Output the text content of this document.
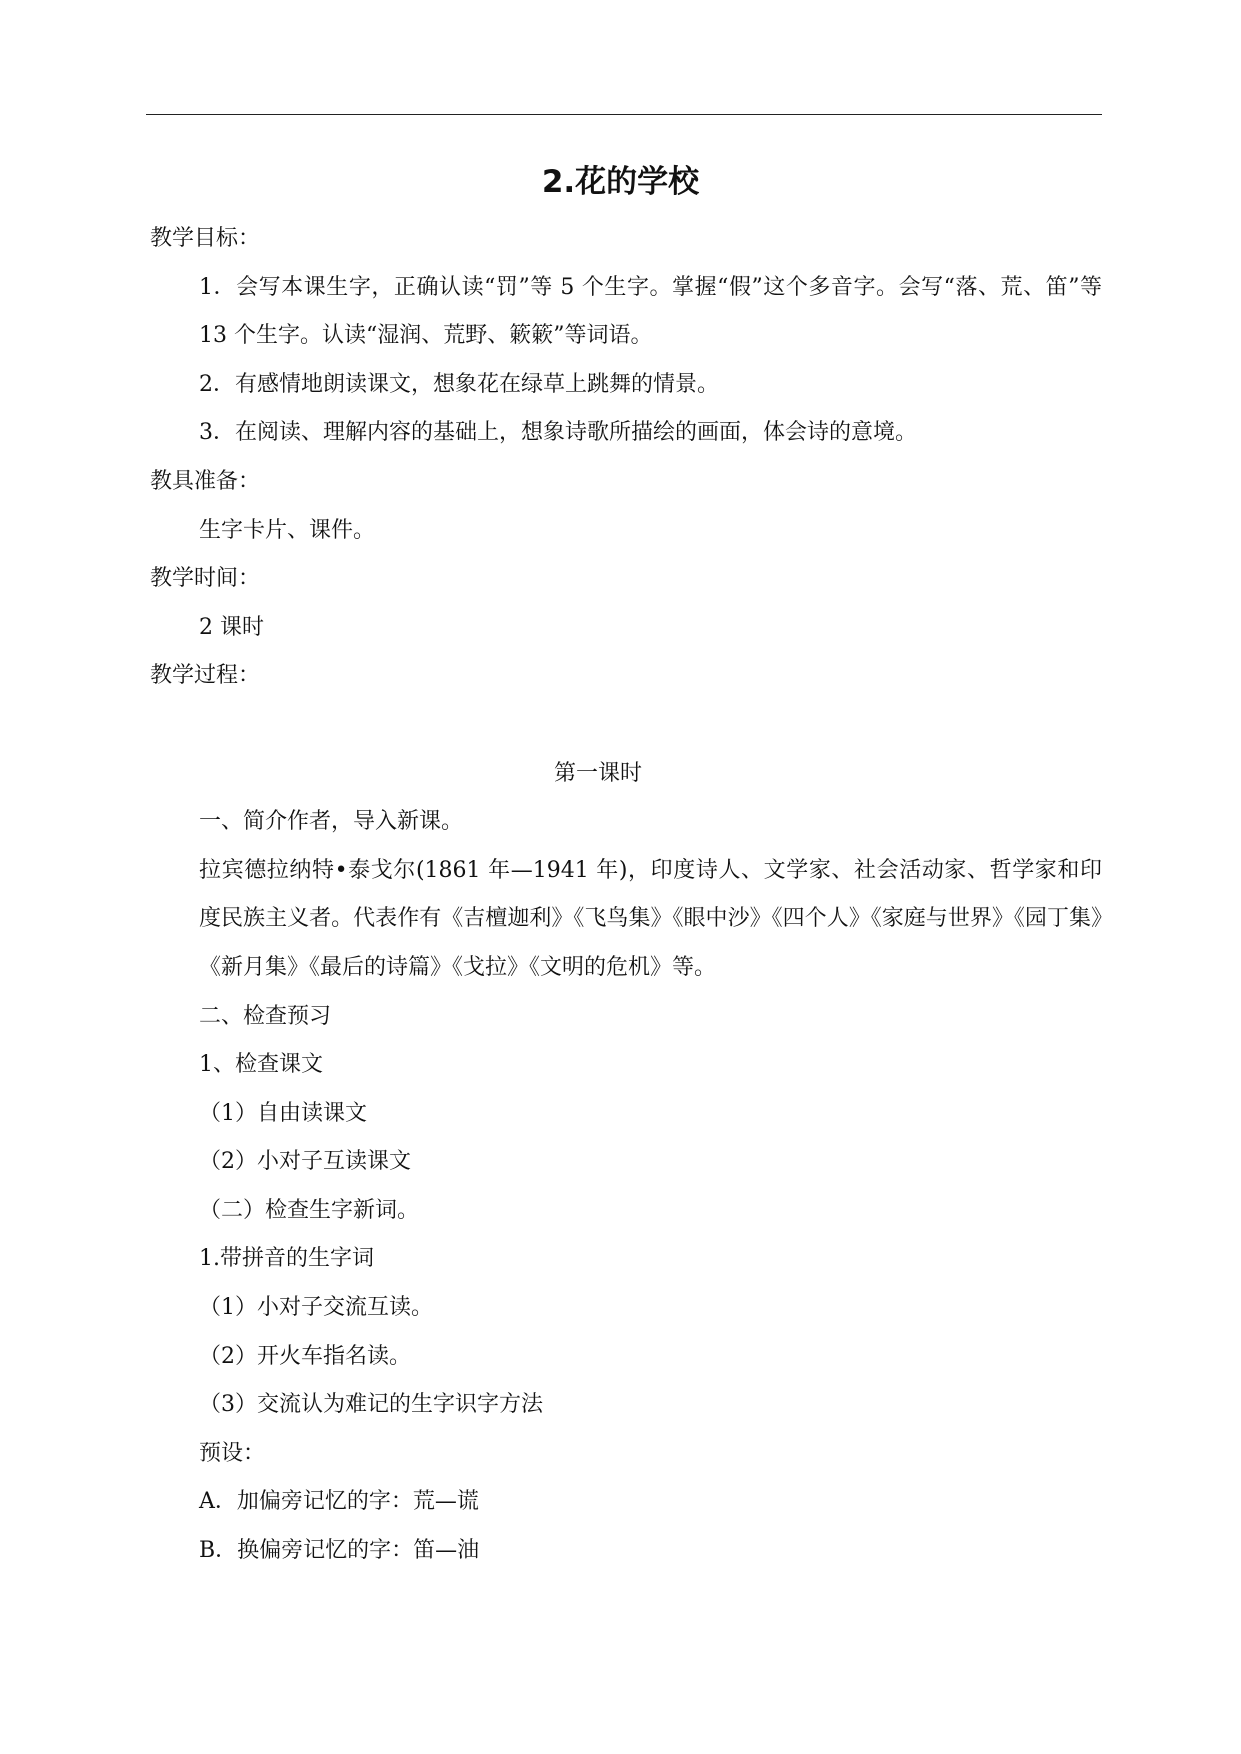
2.花的学校

教学目标：

1．会写本课生字，正确认读“罚”等 5 个生字。掌握“假”这个多音字。会写“落、荒、笛”等 13 个生字。认读“湿润、荒野、簌簌”等词语。

2．有感情地朗读课文，想象花在绿草上跳舞的情景。

3．在阅读、理解内容的基础上，想象诗歌所描绘的画面，体会诗的意境。

教具准备：

生字卡片、课件。

教学时间：

2 课时

教学过程：

第一课时

一、简介作者，导入新课。

拉宾德拉纳特•泰戈尔(1861 年—1941 年)，印度诗人、文学家、社会活动家、哲学家和印度民族主义者。代表作有《吉檀迦利》《飞鸟集》《眼中沙》《四个人》《家庭与世界》《园丁集》《新月集》《最后的诗篇》《戈拉》《文明的危机》等。

二、检查预习

1、检查课文

（1）自由读课文

（2）小对子互读课文

（二）检查生字新词。

1.带拼音的生字词

（1）小对子交流互读。

（2）开火车指名读。

（3）交流认为难记的生字识字方法

预设：

A．加偏旁记忆的字：荒—谎

B．换偏旁记忆的字：笛—油
